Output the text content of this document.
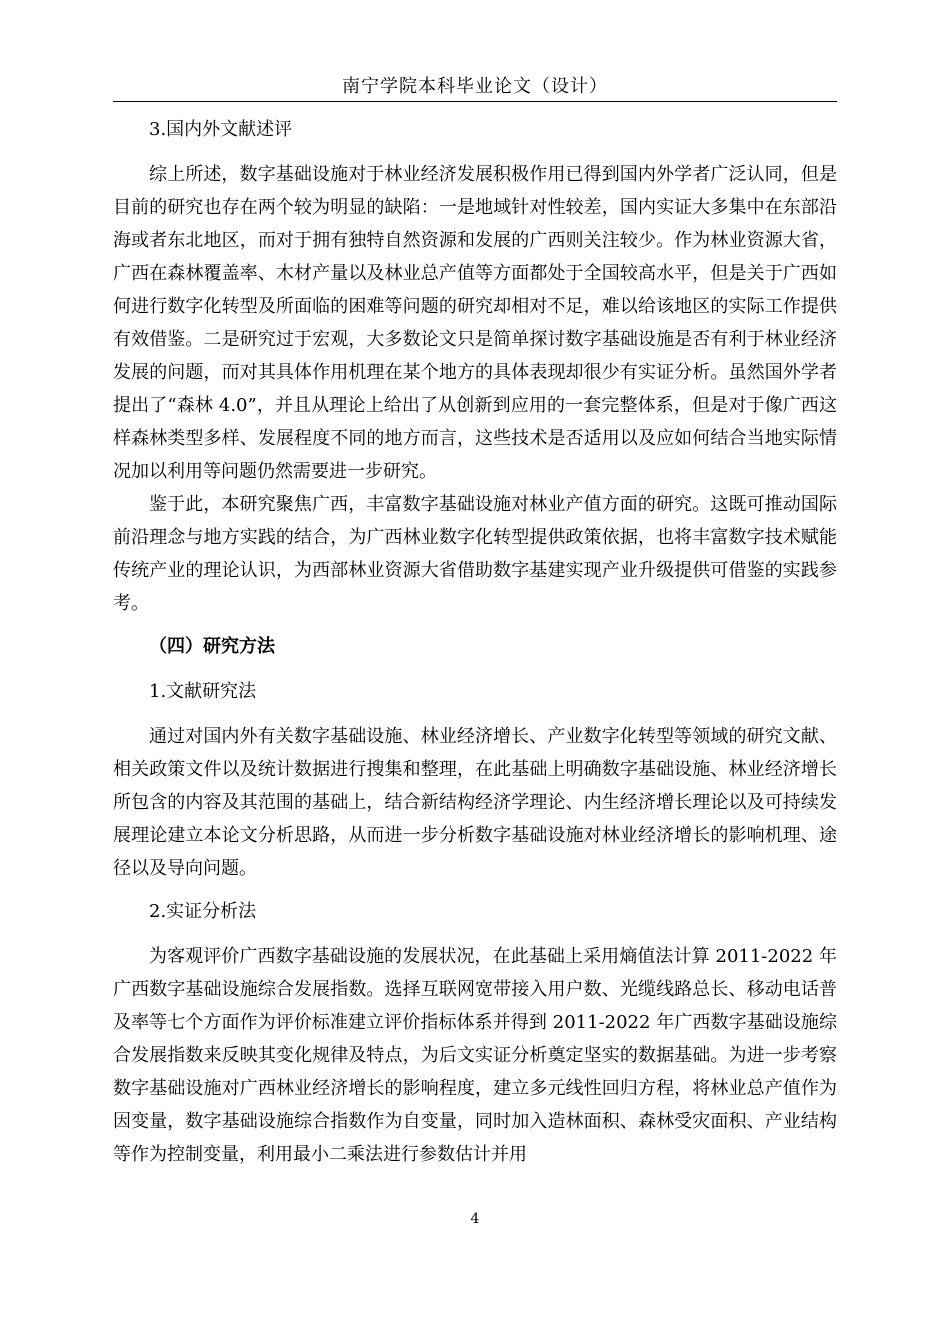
南宁学院本科毕业论文（设计）

3.国内外文献述评

综上所述，数字基础设施对于林业经济发展积极作用已得到国内外学者广泛认同，但是目前的研究也存在两个较为明显的缺陷：一是地域针对性较差，国内实证大多集中在东部沿海或者东北地区，而对于拥有独特自然资源和发展的广西则关注较少。作为林业资源大省，广西在森林覆盖率、木材产量以及林业总产值等方面都处于全国较高水平，但是关于广西如何进行数字化转型及所面临的困难等问题的研究却相对不足，难以给该地区的实际工作提供有效借鉴。二是研究过于宏观，大多数论文只是简单探讨数字基础设施是否有利于林业经济发展的问题，而对其具体作用机理在某个地方的具体表现却很少有实证分析。虽然国外学者提出了“森林 4.0”，并且从理论上给出了从创新到应用的一套完整体系，但是对于像广西这样森林类型多样、发展程度不同的地方而言，这些技术是否适用以及应如何结合当地实际情况加以利用等问题仍然需要进一步研究。

鉴于此，本研究聚焦广西，丰富数字基础设施对林业产值方面的研究。这既可推动国际前沿理念与地方实践的结合，为广西林业数字化转型提供政策依据，也将丰富数字技术赋能传统产业的理论认识，为西部林业资源大省借助数字基建实现产业升级提供可借鉴的实践参考。

（四）研究方法

1.文献研究法

通过对国内外有关数字基础设施、林业经济增长、产业数字化转型等领域的研究文献、相关政策文件以及统计数据进行搜集和整理，在此基础上明确数字基础设施、林业经济增长所包含的内容及其范围的基础上，结合新结构经济学理论、内生经济增长理论以及可持续发展理论建立本论文分析思路，从而进一步分析数字基础设施对林业经济增长的影响机理、途径以及导向问题。

2.实证分析法

为客观评价广西数字基础设施的发展状况，在此基础上采用熵值法计算 2011-2022 年广西数字基础设施综合发展指数。选择互联网宽带接入用户数、光缆线路总长、移动电话普及率等七个方面作为评价标准建立评价指标体系并得到 2011-2022 年广西数字基础设施综合发展指数来反映其变化规律及特点，为后文实证分析奠定坚实的数据基础。为进一步考察数字基础设施对广西林业经济增长的影响程度，建立多元线性回归方程，将林业总产值作为因变量，数字基础设施综合指数作为自变量，同时加入造林面积、森林受灾面积、产业结构等作为控制变量，利用最小二乘法进行参数估计并用

4
